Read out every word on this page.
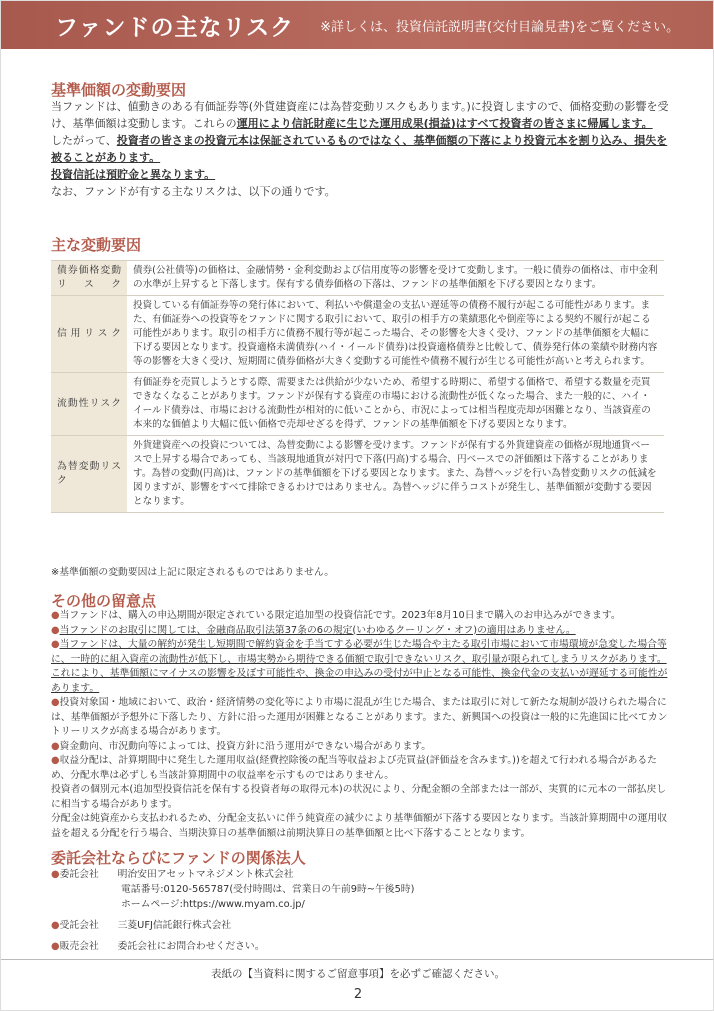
ファンドの主なリスク ※詳しくは、投資信託説明書(交付目論見書)をご覧ください。
基準価額の変動要因
当ファンドは、値動きのある有価証券等(外貨建資産には為替変動リスクもあります。)に投資しますので、価格変動の影響を受け、基準価額は変動します。これらの運用により信託財産に生じた運用成果(損益)はすべて投資者の皆さまに帰属します。
したがって、投資者の皆さまの投資元本は保証されているものではなく、基準価額の下落により投資元本を割り込み、損失を被ることがあります。
投資信託は預貯金と異なります。
なお、ファンドが有する主なリスクは、以下の通りです。
主な変動要因
債券価格変動リスク	債券(公社債等)の価格は、金融情勢・金利変動および信用度等の影響を受けて変動します。一般に債券の価格は、市中金利の水準が上昇すると下落します。保有する債券価格の下落は、ファンドの基準価額を下げる要因となります。
信用リスク	投資している有価証券等の発行体において、利払いや償還金の支払い遅延等の債務不履行が起こる可能性があります。また、有価証券への投資等をファンドに関する取引において、取引の相手方の業績悪化や倒産等による契約不履行が起こる可能性があります。取引の相手方に債務不履行等が起こった場合、その影響を大きく受け、ファンドの基準価額を大幅に下げる要因となります。投資適格未満債券(ハイ・イールド債券)は投資適格債券と比較して、債券発行体の業績や財務内容等の影響を大きく受け、短期間に債券価格が大きく変動する可能性や債務不履行が生じる可能性が高いと考えられます。
流動性リスク	有価証券を売買しようとする際、需要または供給が少ないため、希望する時期に、希望する価格で、希望する数量を売買できなくなることがあります。ファンドが保有する資産の市場における流動性が低くなった場合、また一般的に、ハイ・イールド債券は、市場における流動性が相対的に低いことから、市況によっては相当程度売却が困難となり、当該資産の本来的な価値より大幅に低い価格で売却せざるを得ず、ファンドの基準価額を下げる要因となります。
為替変動リスク	外貨建資産への投資については、為替変動による影響を受けます。ファンドが保有する外貨建資産の価格が現地通貨ベースで上昇する場合であっても、当該現地通貨が対円で下落(円高)する場合、円ベースでの評価額は下落することがあります。為替の変動(円高)は、ファンドの基準価額を下げる要因となります。また、為替ヘッジを行い為替変動リスクの低減を図りますが、影響をすべて排除できるわけではありません。為替ヘッジに伴うコストが発生し、基準価額が変動する要因となります。
※基準価額の変動要因は上記に限定されるものではありません。
その他の留意点
●当ファンドは、購入の申込期間が限定されている限定追加型の投資信託です。2023年8月10日まで購入のお申込みができます。
●当ファンドのお取引に関しては、金融商品取引法第37条の6の規定(いわゆるクーリング・オフ)の適用はありません。
●当ファンドは、大量の解約が発生し短期間で解約資金を手当てする必要が生じた場合や主たる取引市場において市場環境が急変した場合等に、一時的に組入資産の流動性が低下し、市場実勢から期待できる価額で取引できないリスク、取引量が限られてしまうリスクがあります。これにより、基準価額にマイナスの影響を及ぼす可能性や、換金の申込みの受付が中止となる可能性、換金代金の支払いが遅延する可能性があります。
●投資対象国・地域において、政治・経済情勢の変化等により市場に混乱が生じた場合、または取引に対して新たな規制が設けられた場合には、基準価額が予想外に下落したり、方針に沿った運用が困難となることがあります。また、新興国への投資は一般的に先進国に比べてカントリーリスクが高まる場合があります。
●資金動向、市況動向等によっては、投資方針に沿う運用ができない場合があります。
●収益分配は、計算期間中に発生した運用収益(経費控除後の配当等収益および売買益(評価益を含みます。))を超えて行われる場合があるため、分配水準は必ずしも当該計算期間中の収益率を示すものではありません。
投資者の個別元本(追加型投資信託を保有する投資者毎の取得元本)の状況により、分配金額の全部または一部が、実質的に元本の一部払戻しに相当する場合があります。
分配金は純資産から支払われるため、分配金支払いに伴う純資産の減少により基準価額が下落する要因となります。当該計算期間中の運用収益を超える分配を行う場合、当期決算日の基準価額は前期決算日の基準価額と比べ下落することとなります。
委託会社ならびにファンドの関係法人
●委託会社 明治安田アセットマネジメント株式会社
電話番号:0120-565787(受付時間は、営業日の午前9時~午後5時)
ホームページ:https://www.myam.co.jp/
●受託会社 三菱UFJ信託銀行株式会社
●販売会社 委託会社にお問合わせください。
表紙の【当資料に関するご留意事項】を必ずご確認ください。
2
